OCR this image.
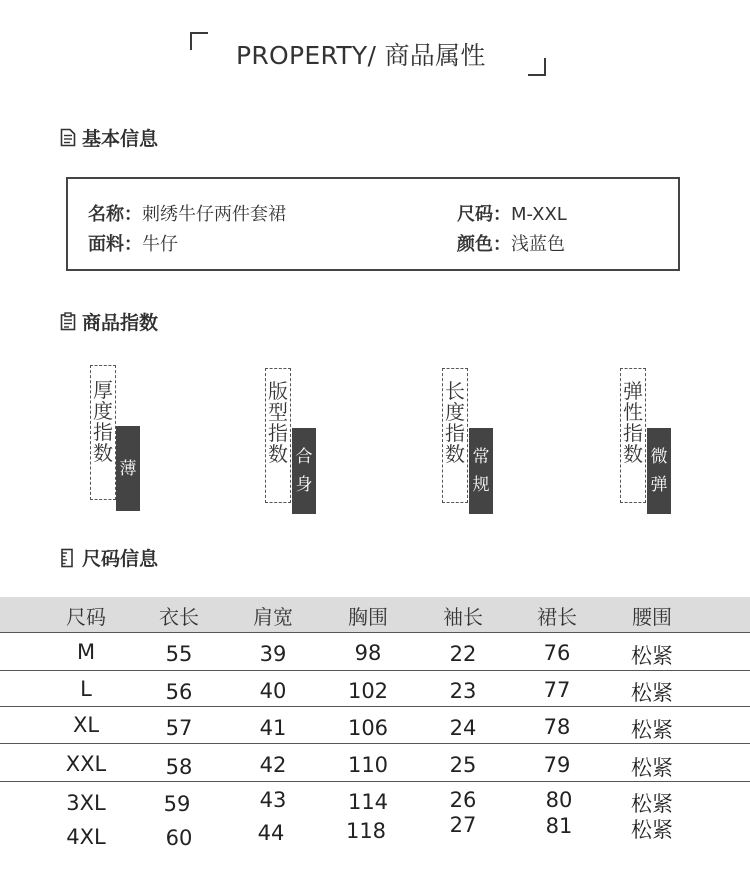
PROPERTY/ 商品属性
基本信息
名称：刺绣牛仔两件套裙
面料：牛仔
尺码：M-XXL
颜色：浅蓝色
商品指数
厚
度
指
数
薄
版
型
指
数 合
身
长
度
指
数 常
规
弹
性
指
数 微
弹
尺码信息
尺码	衣长	肩宽	胸围	袖长	裙长	腰围
M	55	39	98	22	76	松紧
L	56	40	102	23	77	松紧
XL	57	41	106	24	78	松紧
XXL	58	42	110	25	79	松紧
3XL	59	43	114	26	80	松紧
4XL	60	44	118	27	81	松紧
